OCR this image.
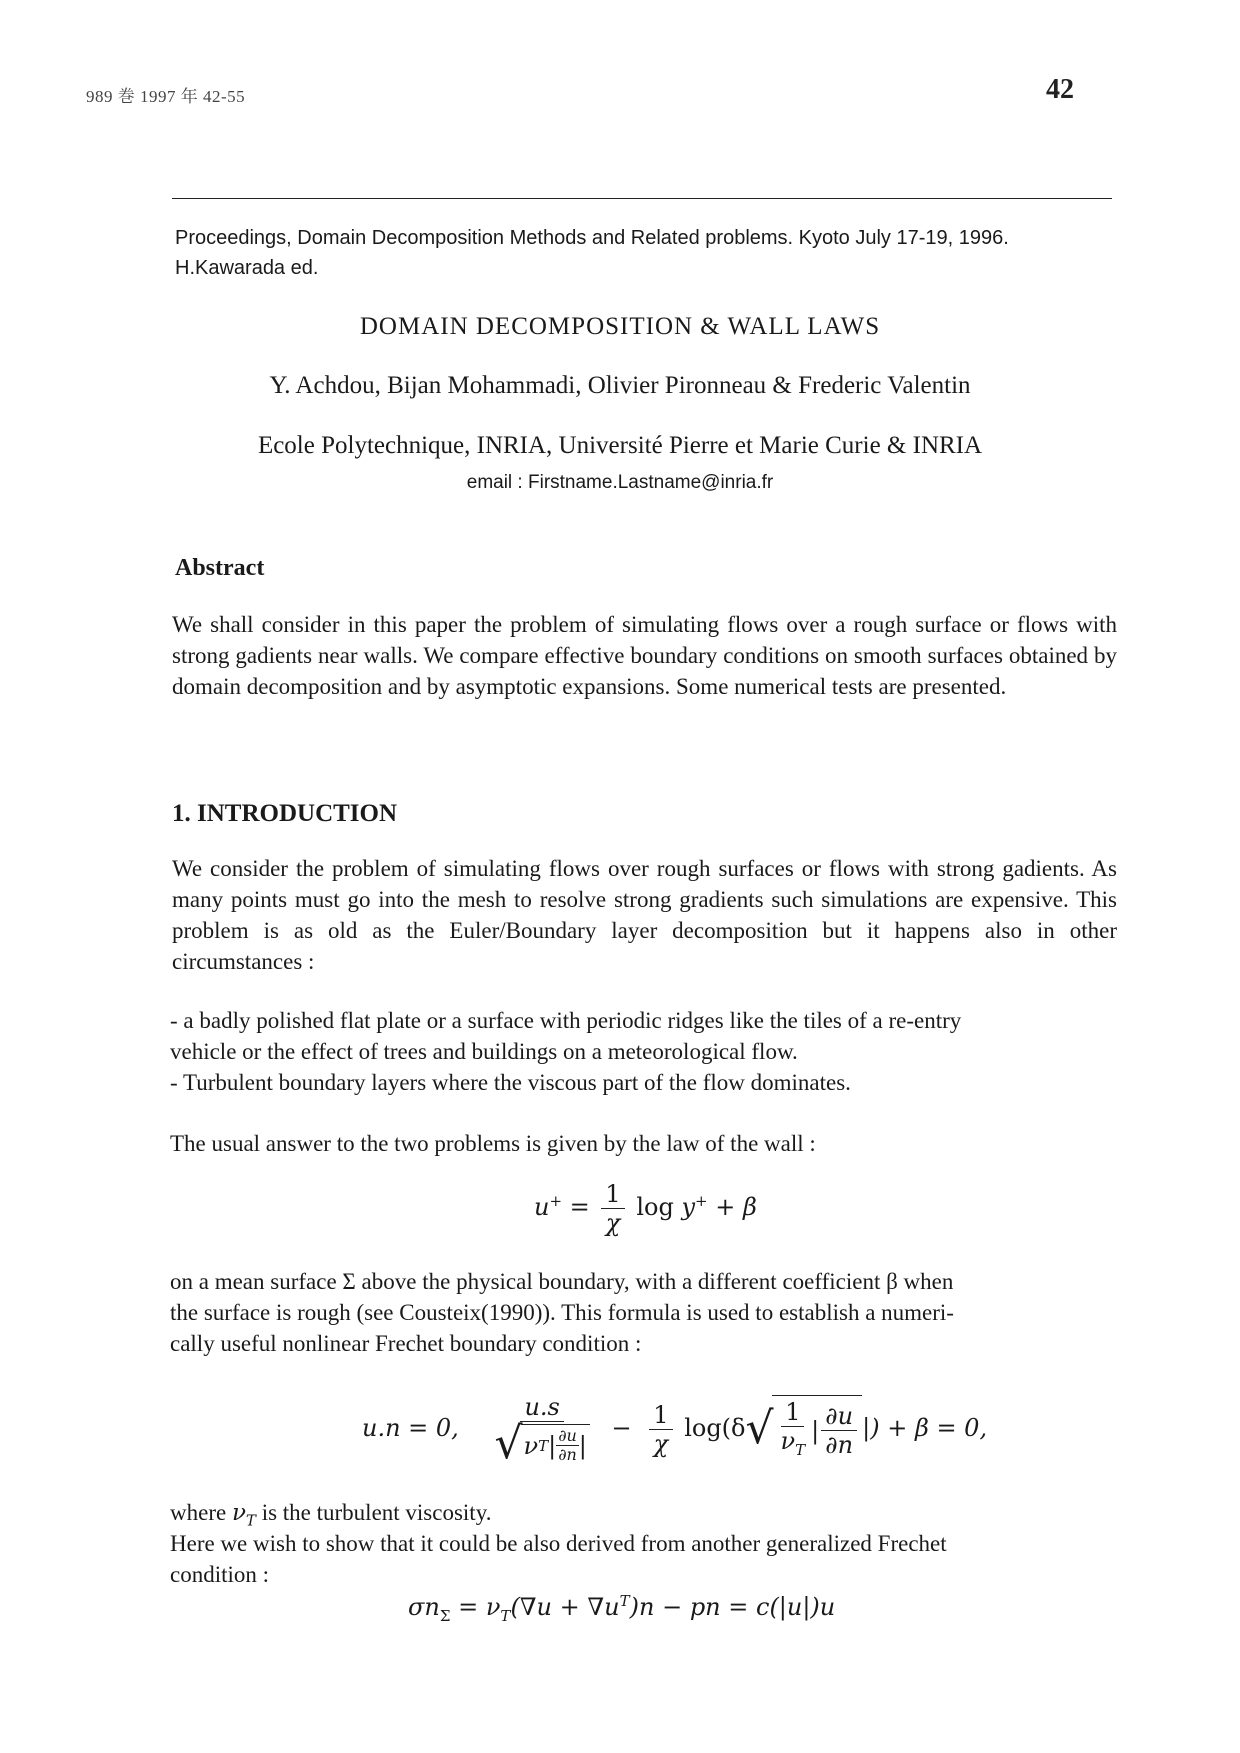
989 巻 1997 年 42-55	42
Proceedings, Domain Decomposition Methods and Related problems. Kyoto July 17-19, 1996.
H.Kawarada ed.
DOMAIN DECOMPOSITION & WALL LAWS
Y. Achdou, Bijan Mohammadi, Olivier Pironneau & Frederic Valentin
Ecole Polytechnique, INRIA, Université Pierre et Marie Curie & INRIA
email : Firstname.Lastname@inria.fr
Abstract
We shall consider in this paper the problem of simulating flows over a rough surface or flows with strong gadients near walls. We compare effective boundary conditions on smooth surfaces obtained by domain decomposition and by asymptotic expansions. Some numerical tests are presented.
1. INTRODUCTION
We consider the problem of simulating flows over rough surfaces or flows with strong gadients. As many points must go into the mesh to resolve strong gradients such simulations are expensive. This problem is as old as the Euler/Boundary layer decomposition but it happens also in other circumstances :
- a badly polished flat plate or a surface with periodic ridges like the tiles of a re-entry
vehicle or the effect of trees and buildings on a meteorological flow.
- Turbulent boundary layers where the viscous part of the flow dominates.
The usual answer to the two problems is given by the law of the wall :
$u^+ = \frac{1}{\chi}$ log y+ + β
on a mean surface Σ above the physical boundary, with a different coefficient β when
the surface is rough (see Cousteix(1990)). This formula is used to establish a numeri-
cally useful nonlinear Frechet boundary condition :
u.n = 0, $\frac{u.s}{√ \nu T | \frac{\partial u}{\partial n} |} - \frac{1}{\chi} \log(\delta$ √ $\frac{1}{\nu_T}$ | $\frac{\partial u}{\partial n}$ |) + β = 0,
where $\nu_T$ is the turbulent viscosity.
Here we wish to show that it could be also derived from another generalized Frechet
condition :
$\sigma n_\Sigma = \nu_T(\nabla u + \nabla u^T)n$ − pn = c(|u|)u
